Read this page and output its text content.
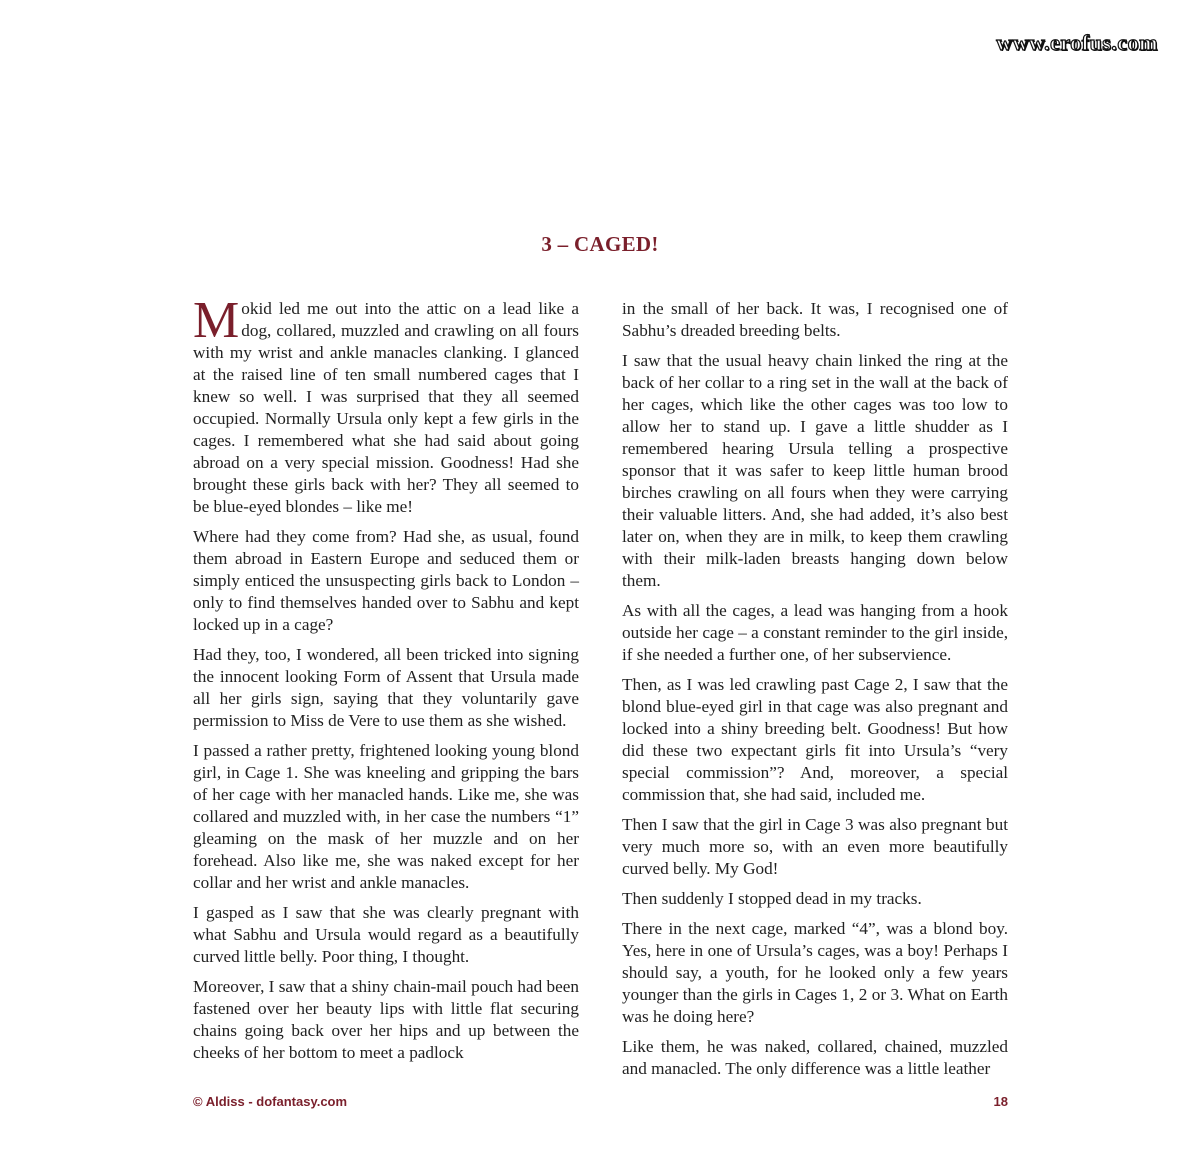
www.erofus.com
3 – CAGED!

Mokid led me out into the attic on a lead like a dog, collared, muzzled and crawling on all fours with my wrist and ankle manacles clanking. I glanced at the raised line of ten small numbered cages that I knew so well. I was surprised that they all seemed occupied. Normally Ursula only kept a few girls in the cages. I remembered what she had said about going abroad on a very special mission. Goodness! Had she brought these girls back with her? They all seemed to be blue-eyed blondes – like me!

Where had they come from? Had she, as usual, found them abroad in Eastern Europe and seduced them or simply enticed the unsuspecting girls back to London – only to find themselves handed over to Sabhu and kept locked up in a cage?

Had they, too, I wondered, all been tricked into signing the innocent looking Form of Assent that Ursula made all her girls sign, saying that they voluntarily gave permission to Miss de Vere to use them as she wished.

I passed a rather pretty, frightened looking young blond girl, in Cage 1. She was kneeling and gripping the bars of her cage with her manacled hands. Like me, she was collared and muzzled with, in her case the numbers “1” gleaming on the mask of her muzzle and on her forehead. Also like me, she was naked except for her collar and her wrist and ankle manacles.

I gasped as I saw that she was clearly pregnant with what Sabhu and Ursula would regard as a beautifully curved little belly. Poor thing, I thought.

Moreover, I saw that a shiny chain-mail pouch had been fastened over her beauty lips with little flat securing chains going back over her hips and up between the cheeks of her bottom to meet a padlock

in the small of her back. It was, I recognised one of Sabhu’s dreaded breeding belts.

I saw that the usual heavy chain linked the ring at the back of her collar to a ring set in the wall at the back of her cages, which like the other cages was too low to allow her to stand up. I gave a little shudder as I remembered hearing Ursula telling a prospective sponsor that it was safer to keep little human brood birches crawling on all fours when they were carrying their valuable litters. And, she had added, it’s also best later on, when they are in milk, to keep them crawling with their milk-laden breasts hanging down below them.

As with all the cages, a lead was hanging from a hook outside her cage – a constant reminder to the girl inside, if she needed a further one, of her subservience.

Then, as I was led crawling past Cage 2, I saw that the blond blue-eyed girl in that cage was also pregnant and locked into a shiny breeding belt. Goodness! But how did these two expectant girls fit into Ursula’s “very special commission”? And, moreover, a special commission that, she had said, included me.

Then I saw that the girl in Cage 3 was also pregnant but very much more so, with an even more beautifully curved belly. My God!

Then suddenly I stopped dead in my tracks.

There in the next cage, marked “4”, was a blond boy. Yes, here in one of Ursula’s cages, was a boy! Perhaps I should say, a youth, for he looked only a few years younger than the girls in Cages 1, 2 or 3. What on Earth was he doing here?

Like them, he was naked, collared, chained, muzzled and manacled. The only difference was a little leather

© Aldiss - dofantasy.com	18
